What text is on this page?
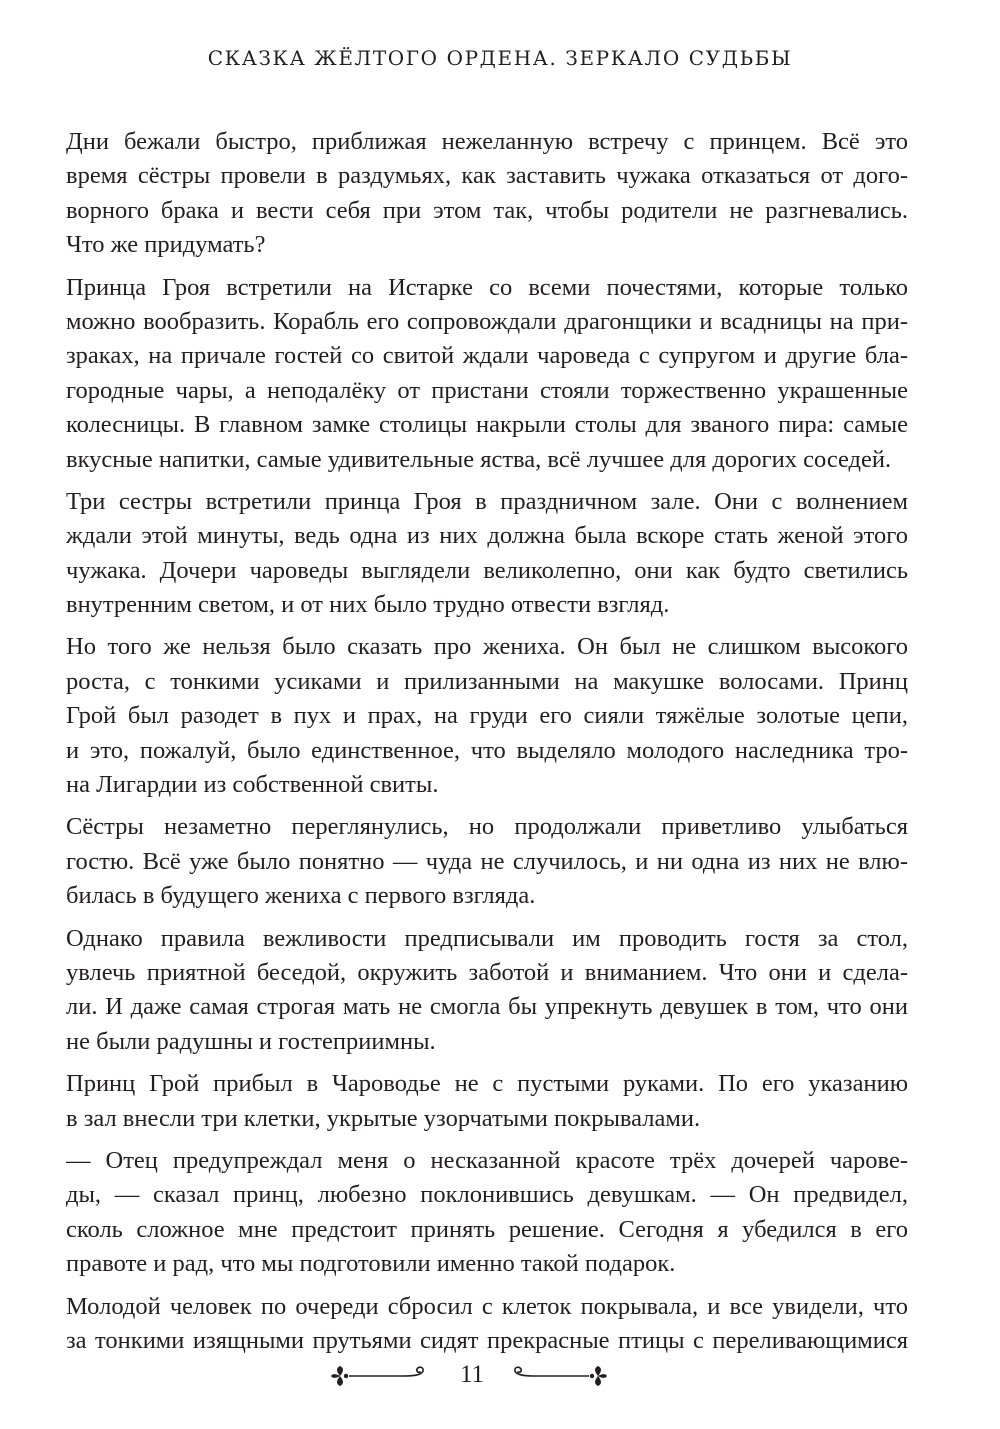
СКАЗКА ЖЁЛТОГО ОРДЕНА. ЗЕРКАЛО СУДЬБЫ
Дни бежали быстро, приближая нежеланную встречу с принцем. Всё это
время сёстры провели в раздумьях, как заставить чужака отказаться от дого-
ворного брака и вести себя при этом так, чтобы родители не разгневались.
Что же придумать?
Принца Гроя встретили на Истарке со всеми почестями, которые только
можно вообразить. Корабль его сопровождали драгонщики и всадницы на при-
зраках, на причале гостей со свитой ждали чароведа с супругом и другие бла-
городные чары, а неподалёку от пристани стояли торжественно украшенные
колесницы. В главном замке столицы накрыли столы для званого пира: самые
вкусные напитки, самые удивительные яства, всё лучшее для дорогих соседей.
Три сестры встретили принца Гроя в праздничном зале. Они с волнением
ждали этой минуты, ведь одна из них должна была вскоре стать женой этого
чужака. Дочери чароведы выглядели великолепно, они как будто светились
внутренним светом, и от них было трудно отвести взгляд.
Но того же нельзя было сказать про жениха. Он был не слишком высокого
роста, с тонкими усиками и прилизанными на макушке волосами. Принц
Грой был разодет в пух и прах, на груди его сияли тяжёлые золотые цепи,
и это, пожалуй, было единственное, что выделяло молодого наследника тро-
на Лигардии из собственной свиты.
Сёстры незаметно переглянулись, но продолжали приветливо улыбаться
гостю. Всё уже было понятно — чуда не случилось, и ни одна из них не влю-
билась в будущего жениха с первого взгляда.
Однако правила вежливости предписывали им проводить гостя за стол,
увлечь приятной беседой, окружить заботой и вниманием. Что они и сдела-
ли. И даже самая строгая мать не смогла бы упрекнуть девушек в том, что они
не были радушны и гостеприимны.
Принц Грой прибыл в Чароводье не с пустыми руками. По его указанию
в зал внесли три клетки, укрытые узорчатыми покрывалами.
— Отец предупреждал меня о несказанной красоте трёх дочерей чарове-
ды, — сказал принц, любезно поклонившись девушкам. — Он предвидел,
сколь сложное мне предстоит принять решение. Сегодня я убедился в его
правоте и рад, что мы подготовили именно такой подарок.
Молодой человек по очереди сбросил с клеток покрывала, и все увидели, что
за тонкими изящными прутьями сидят прекрасные птицы с переливающимися
11
